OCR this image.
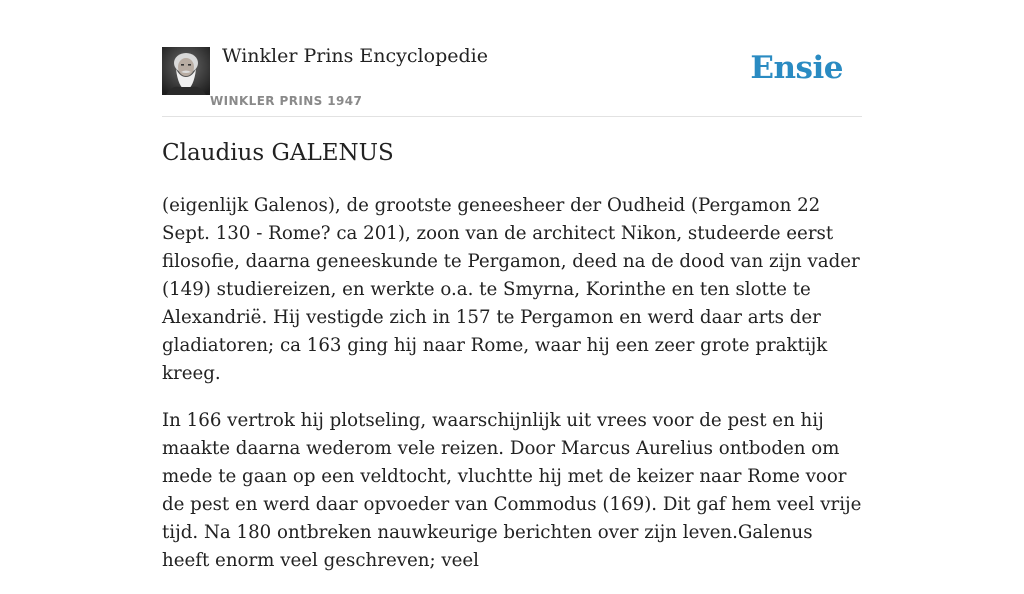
Winkler Prins Encyclopedie
WINKLER PRINS 1947
Ensie
Claudius GALENUS

(eigenlijk Galenos), de grootste geneesheer der Oudheid (Pergamon 22 Sept. 130 - Rome? ca 201), zoon van de architect Nikon, studeerde eerst filosofie, daarna geneeskunde te Pergamon, deed na de dood van zijn vader (149) studiereizen, en werkte o.a. te Smyrna, Korinthe en ten slotte te Alexandrië. Hij vestigde zich in 157 te Pergamon en werd daar arts der gladiatoren; ca 163 ging hij naar Rome, waar hij een zeer grote praktijk kreeg.

In 166 vertrok hij plotseling, waarschijnlijk uit vrees voor de pest en hij maakte daarna wederom vele reizen. Door Marcus Aurelius ontboden om mede te gaan op een veldtocht, vluchtte hij met de keizer naar Rome voor de pest en werd daar opvoeder van Commodus (169). Dit gaf hem veel vrije tijd. Na 180 ontbreken nauwkeurige berichten over zijn leven.Galenus heeft enorm veel geschreven; veel
